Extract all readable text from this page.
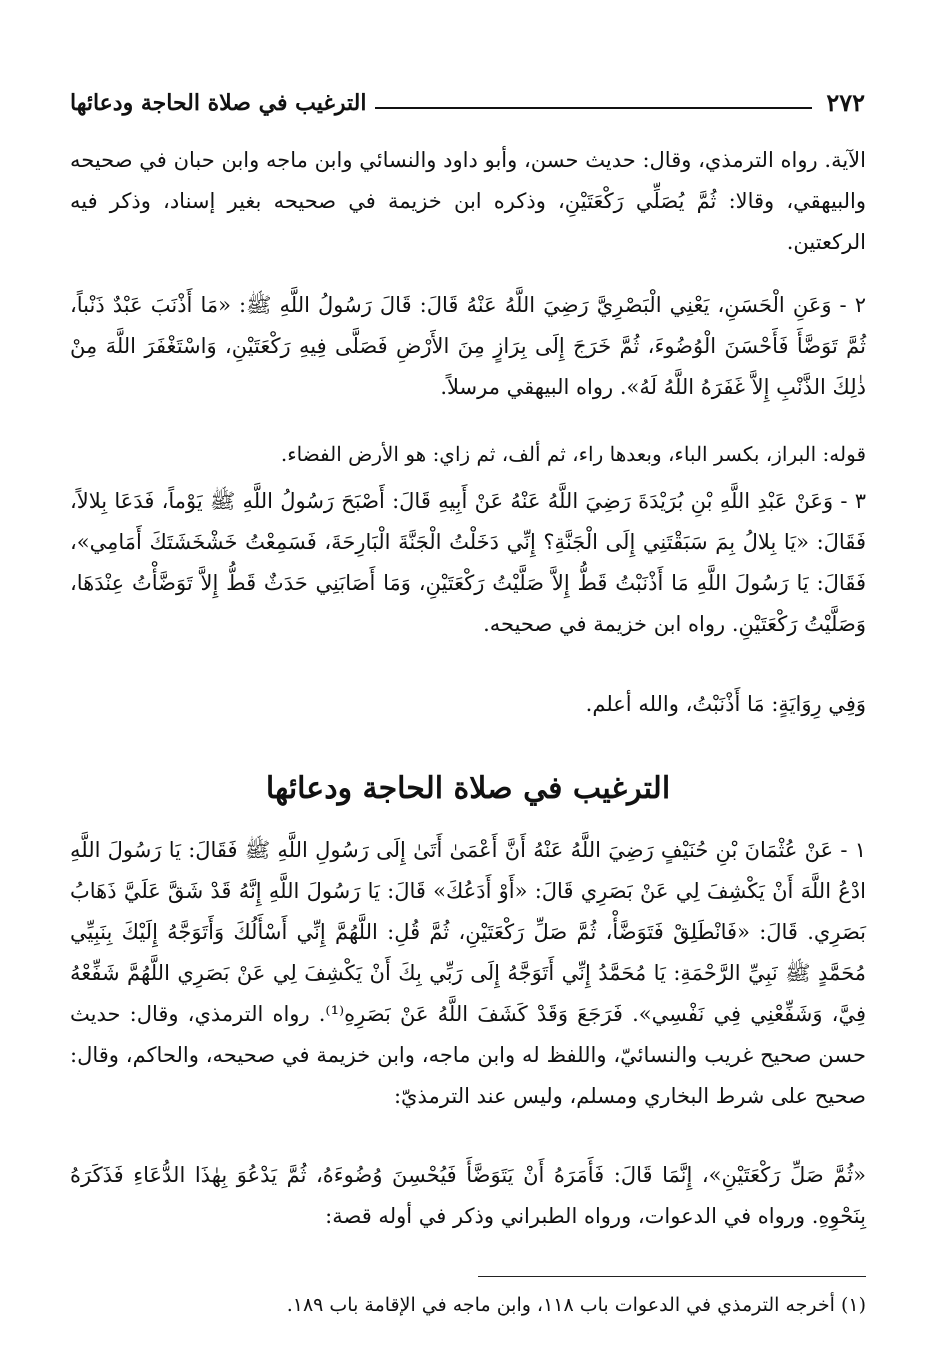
٢٧٢
الترغيب في صلاة الحاجة ودعائها

الآية. رواه الترمذي، وقال: حديث حسن، وأبو داود والنسائي وابن ماجه وابن حبان في صحيحه والبيهقي، وقالا: ثُمَّ يُصَلِّي رَكْعَتَيْنِ، وذكره ابن خزيمة في صحيحه بغير إسناد، وذكر فيه الركعتين.

٢ - وَعَنِ الْحَسَنِ، يَعْنِي الْبَصْرِيَّ رَضِيَ اللَّهُ عَنْهُ قَالَ: قَالَ رَسُولُ اللَّهِ ﷺ: «مَا أَذْنَبَ عَبْدٌ ذَنْباً، ثُمَّ تَوَضَّأَ فَأَحْسَنَ الْوُضُوءَ، ثُمَّ خَرَجَ إِلَى بِرَازٍ مِنَ الأَرْضِ فَصَلَّى فِيهِ رَكْعَتَيْنِ، وَاسْتَغْفَرَ اللَّهَ مِنْ ذٰلِكَ الذَّنْبِ إِلاَّ غَفَرَهُ اللَّهُ لَهُ». رواه البيهقي مرسلاً.

قوله: البراز، بكسر الباء، وبعدها راء، ثم ألف، ثم زاي: هو الأرض الفضاء.

٣ - وَعَنْ عَبْدِ اللَّهِ بْنِ بُرَيْدَةَ رَضِيَ اللَّهُ عَنْهُ عَنْ أَبِيهِ قَالَ: أَصْبَحَ رَسُولُ اللَّهِ ﷺ يَوْماً، فَدَعَا بِلالاً، فَقَالَ: «يَا بِلالُ بِمَ سَبَقْتَنِي إِلَى الْجَنَّةِ؟ إِنِّي دَخَلْتُ الْجَنَّةَ الْبَارِحَةَ، فَسَمِعْتُ خَشْخَشَتَكَ أَمَامِي»، فَقَالَ: يَا رَسُولَ اللَّهِ مَا أَذْنَبْتُ قَطُّ إِلاَّ صَلَّيْتُ رَكْعَتَيْنِ، وَمَا أَصَابَنِي حَدَثٌ قَطُّ إِلاَّ تَوَضَّأْتُ عِنْدَهَا، وَصَلَّيْتُ رَكْعَتَيْنِ. رواه ابن خزيمة في صحيحه.

وَفِي رِوَايَةٍ: مَا أَذْنَبْتُ، والله أعلم.

الترغيب في صلاة الحاجة ودعائها

١ - عَنْ عُثْمَانَ بْنِ حُنَيْفٍ رَضِيَ اللَّهُ عَنْهُ أَنَّ أَعْمَىٰ أَتَىٰ إِلَى رَسُولِ اللَّهِ ﷺ فَقَالَ: يَا رَسُولَ اللَّهِ ادْعُ اللَّهَ أَنْ يَكْشِفَ لِي عَنْ بَصَرِي قَالَ: «أَوْ أَدَعُكَ» قَالَ: يَا رَسُولَ اللَّهِ إِنَّهُ قَدْ شَقَّ عَلَيَّ ذَهَابُ بَصَرِي. قَالَ: «فَانْطَلِقْ فَتَوَضَّأْ، ثُمَّ صَلِّ رَكْعَتَيْنِ، ثُمَّ قُلِ: اللَّهُمَّ إِنِّي أَسْأَلُكَ وَأَتَوَجَّهُ إِلَيْكَ بِنَبِيِّي مُحَمَّدٍ ﷺ نَبِيِّ الرَّحْمَةِ: يَا مُحَمَّدُ إِنِّي أَتَوَجَّهُ إِلَى رَبِّي بِكَ أَنْ يَكْشِفَ لِي عَنْ بَصَرِي اللَّهُمَّ شَفِّعْهُ فِيَّ، وَشَفِّعْنِي فِي نَفْسِي». فَرَجَعَ وَقَدْ كَشَفَ اللَّهُ عَنْ بَصَرِهِ⁽¹⁾. رواه الترمذي، وقال: حديث حسن صحيح غريب والنسائيّ، واللفظ له وابن ماجه، وابن خزيمة في صحيحه، والحاكم، وقال: صحيح على شرط البخاري ومسلم، وليس عند الترمذيّ:

«ثُمَّ صَلِّ رَكْعَتَيْنِ»، إِنَّمَا قَالَ: فَأَمَرَهُ أَنْ يَتَوَضَّأَ فَيُحْسِنَ وُضُوءَهُ، ثُمَّ يَدْعُوَ بِهٰذَا الدُّعَاءِ فَذَكَرَهُ بِنَحْوِهِ. ورواه في الدعوات، ورواه الطبراني وذكر في أوله قصة:

(١) أخرجه الترمذي في الدعوات باب ١١٨، وابن ماجه في الإقامة باب ١٨٩.
